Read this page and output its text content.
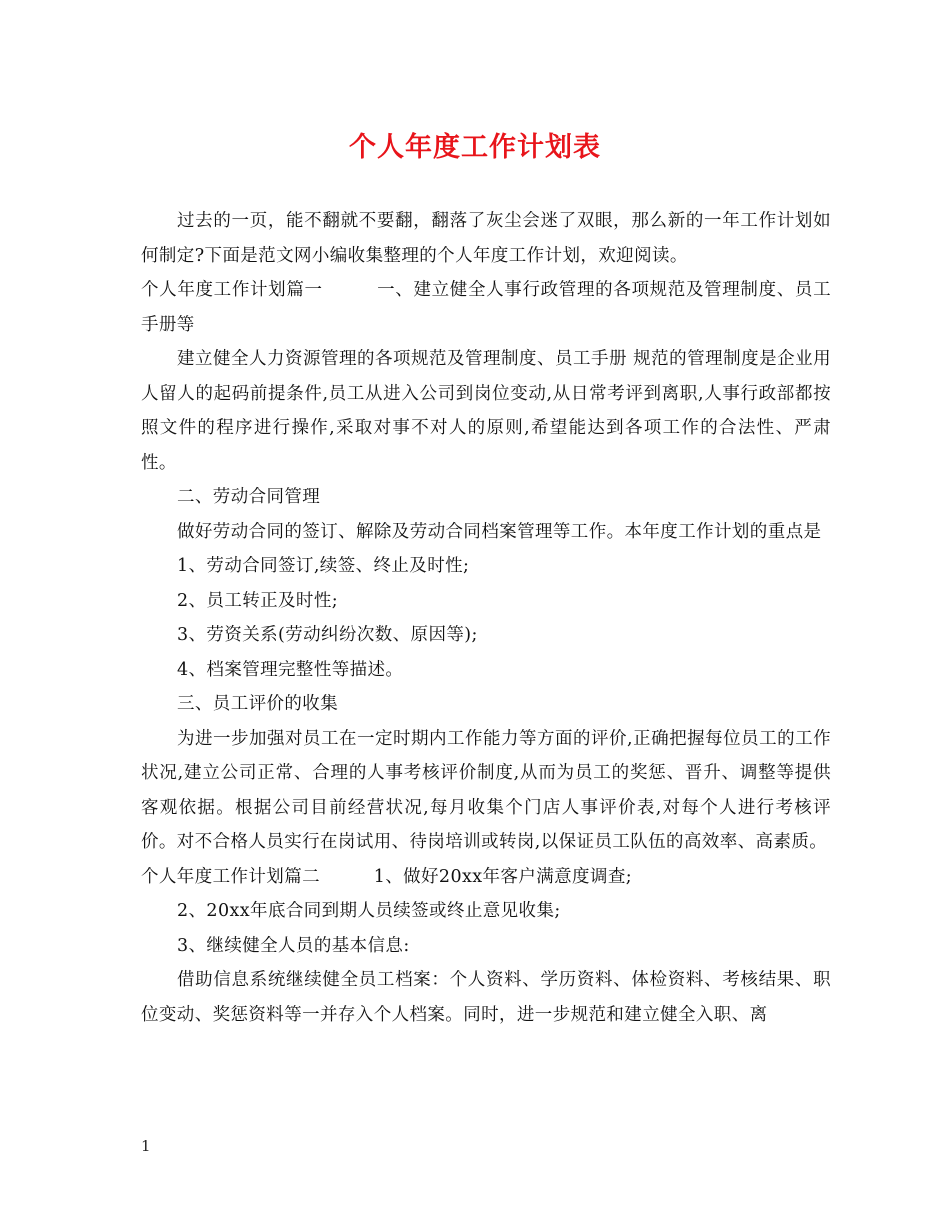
个人年度工作计划表

过去的一页，能不翻就不要翻，翻落了灰尘会迷了双眼，那么新的一年工作计划如何制定?下面是范文网小编收集整理的个人年度工作计划，欢迎阅读。

个人年度工作计划篇一　　　一、建立健全人事行政管理的各项规范及管理制度、员工手册等

建立健全人力资源管理的各项规范及管理制度、员工手册 规范的管理制度是企业用人留人的起码前提条件,员工从进入公司到岗位变动,从日常考评到离职,人事行政部都按照文件的程序进行操作,采取对事不对人的原则,希望能达到各项工作的合法性、严肃性。

二、劳动合同管理

做好劳动合同的签订、解除及劳动合同档案管理等工作。本年度工作计划的重点是

1、劳动合同签订,续签、终止及时性;

2、员工转正及时性;

3、劳资关系(劳动纠纷次数、原因等);

4、档案管理完整性等描述。

三、员工评价的收集

为进一步加强对员工在一定时期内工作能力等方面的评价,正确把握每位员工的工作状况,建立公司正常、合理的人事考核评价制度,从而为员工的奖惩、晋升、调整等提供客观依据。根据公司目前经营状况,每月收集个门店人事评价表,对每个人进行考核评价。对不合格人员实行在岗试用、待岗培训或转岗,以保证员工队伍的高效率、高素质。

个人年度工作计划篇二　　　1、做好20xx年客户满意度调查;

2、20xx年底合同到期人员续签或终止意见收集;

3、继续健全人员的基本信息:

借助信息系统继续健全员工档案：个人资料、学历资料、体检资料、考核结果、职位变动、奖惩资料等一并存入个人档案。同时，进一步规范和建立健全入职、离

1
